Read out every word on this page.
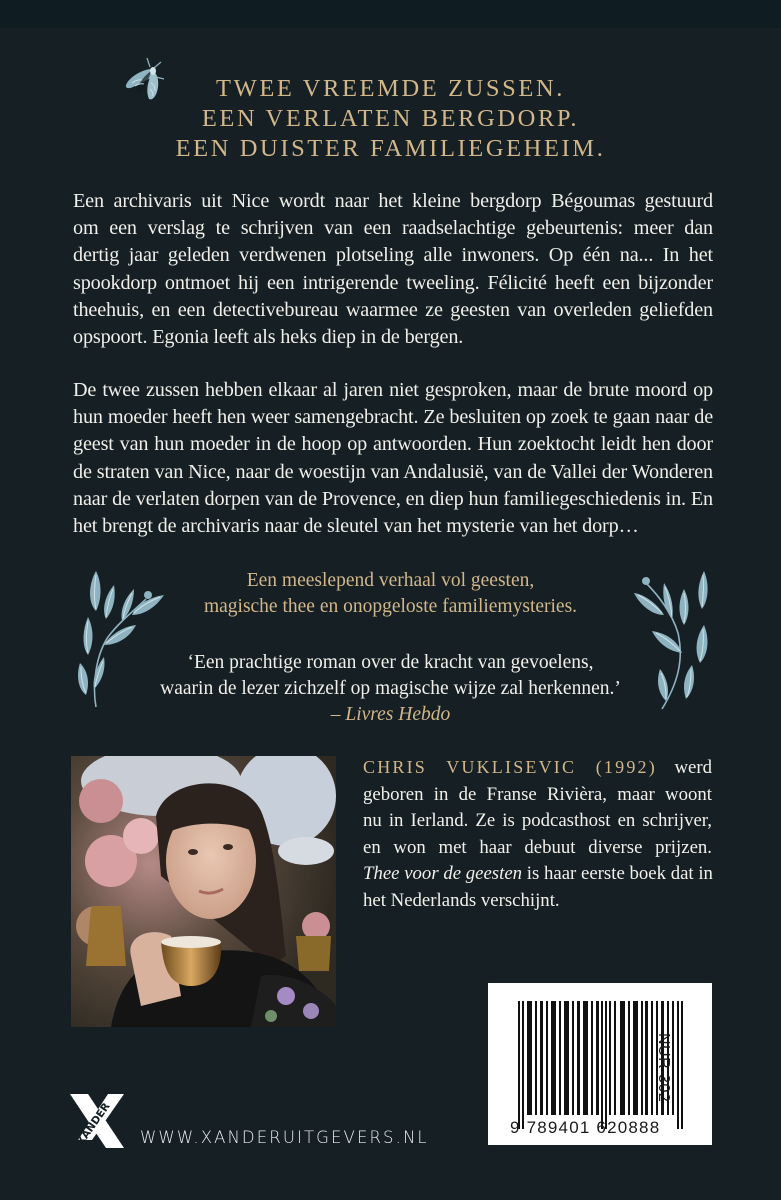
TWEE VREEMDE ZUSSEN.
EEN VERLATEN BERGDORP.
EEN DUISTER FAMILIEGEHEIM.
Een archivaris uit Nice wordt naar het kleine bergdorp Bégoumas gestuurd
om een verslag te schrijven van een raadselachtige gebeurtenis: meer dan
dertig jaar geleden verdwenen plotseling alle inwoners. Op één na... In het
spookdorp ontmoet hij een intrigerende tweeling. Félicité heeft een bijzonder
theehuis, en een detectivebureau waarmee ze geesten van overleden geliefden
opspoort. Egonia leeft als heks diep in de bergen.
De twee zussen hebben elkaar al jaren niet gesproken, maar de brute moord op
hun moeder heeft hen weer samengebracht. Ze besluiten op zoek te gaan naar de
geest van hun moeder in de hoop op antwoorden. Hun zoektocht leidt hen door
de straten van Nice, naar de woestijn van Andalusië, van de Vallei der Wonderen
naar de verlaten dorpen van de Provence, en diep hun familiegeschiedenis in. En
het brengt de archivaris naar de sleutel van het mysterie van het dorp…
Een meeslepend verhaal vol geesten,
magische thee en onopgeloste familiemysteries.
‘Een prachtige roman over de kracht van gevoelens,
waarin de lezer zichzelf op magische wijze zal herkennen.’
– Livres Hebdo
CHRIS VUKLISEVIC (1992) werd
geboren in de Franse Rivièra, maar woont
nu in Ierland. Ze is podcasthost en schrijver,
en won met haar debuut diverse prijzen.
Thee voor de geesten is haar eerste boek dat in
het Nederlands verschijnt.
9 789401 620888
NUR 302
XANDER WWW.XANDERUITGEVERS.NL
